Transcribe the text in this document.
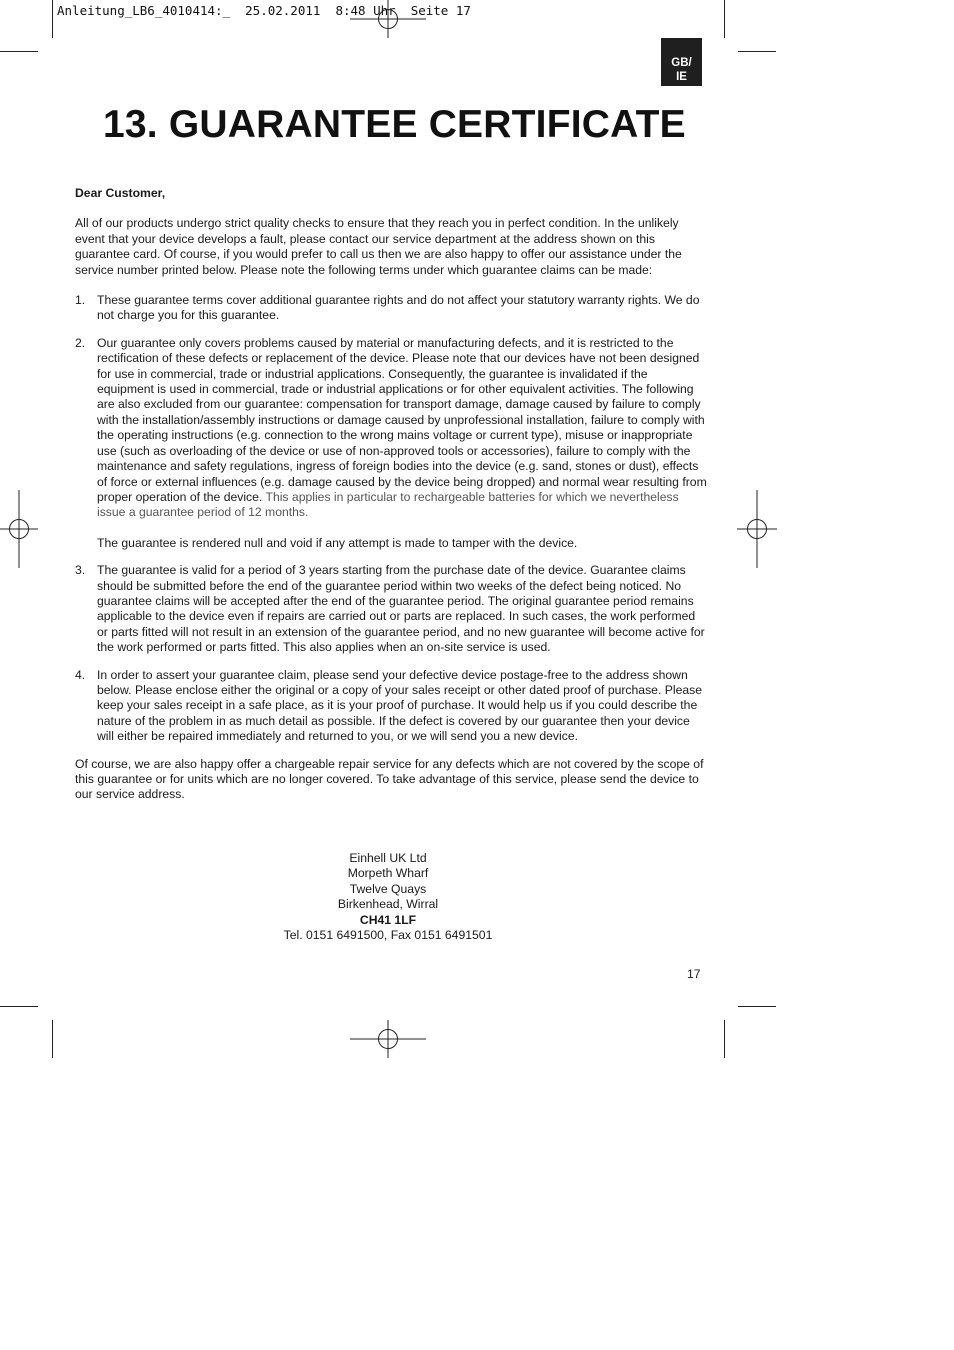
Anleitung_LB6_4010414:_  25.02.2011  8:48 Uhr  Seite 17
GB/
IE
13. GUARANTEE CERTIFICATE

Dear Customer,

All of our products undergo strict quality checks to ensure that they reach you in perfect condition. In the unlikely event that your device develops a fault, please contact our service department at the address shown on this guarantee card. Of course, if you would prefer to call us then we are also happy to offer our assistance under the service number printed below. Please note the following terms under which guarantee claims can be made:

1. These guarantee terms cover additional guarantee rights and do not affect your statutory warranty rights. We do not charge you for this guarantee.

2. Our guarantee only covers problems caused by material or manufacturing defects, and it is restricted to the rectification of these defects or replacement of the device. Please note that our devices have not been designed for use in commercial, trade or industrial applications. Consequently, the guarantee is invalidated if the equipment is used in commercial, trade or industrial applications or for other equivalent activities. The following are also excluded from our guarantee: compensation for transport damage, damage caused by failure to comply with the installation/assembly instructions or damage caused by unprofessional installation, failure to comply with the operating instructions (e.g. connection to the wrong mains voltage or current type), misuse or inappropriate use (such as overloading of the device or use of non-approved tools or accessories), failure to comply with the maintenance and safety regulations, ingress of foreign bodies into the device (e.g. sand, stones or dust), effects of force or external influences (e.g. damage caused by the device being dropped) and normal wear resulting from proper operation of the device. This applies in particular to rechargeable batteries for which we nevertheless issue a guarantee period of 12 months.

The guarantee is rendered null and void if any attempt is made to tamper with the device.

3. The guarantee is valid for a period of 3 years starting from the purchase date of the device. Guarantee claims should be submitted before the end of the guarantee period within two weeks of the defect being noticed. No guarantee claims will be accepted after the end of the guarantee period. The original guarantee period remains applicable to the device even if repairs are carried out or parts are replaced. In such cases, the work performed or parts fitted will not result in an extension of the guarantee period, and no new guarantee will become active for the work performed or parts fitted. This also applies when an on-site service is used.

4. In order to assert your guarantee claim, please send your defective device postage-free to the address shown below. Please enclose either the original or a copy of your sales receipt or other dated proof of purchase. Please keep your sales receipt in a safe place, as it is your proof of purchase. It would help us if you could describe the nature of the problem in as much detail as possible. If the defect is covered by our guarantee then your device will either be repaired immediately and returned to you, or we will send you a new device.

Of course, we are also happy offer a chargeable repair service for any defects which are not covered by the scope of this guarantee or for units which are no longer covered. To take advantage of this service, please send the device to our service address.

Einhell UK Ltd
Morpeth Wharf
Twelve Quays
Birkenhead, Wirral
CH41 1LF
Tel. 0151 6491500, Fax 0151 6491501
17
